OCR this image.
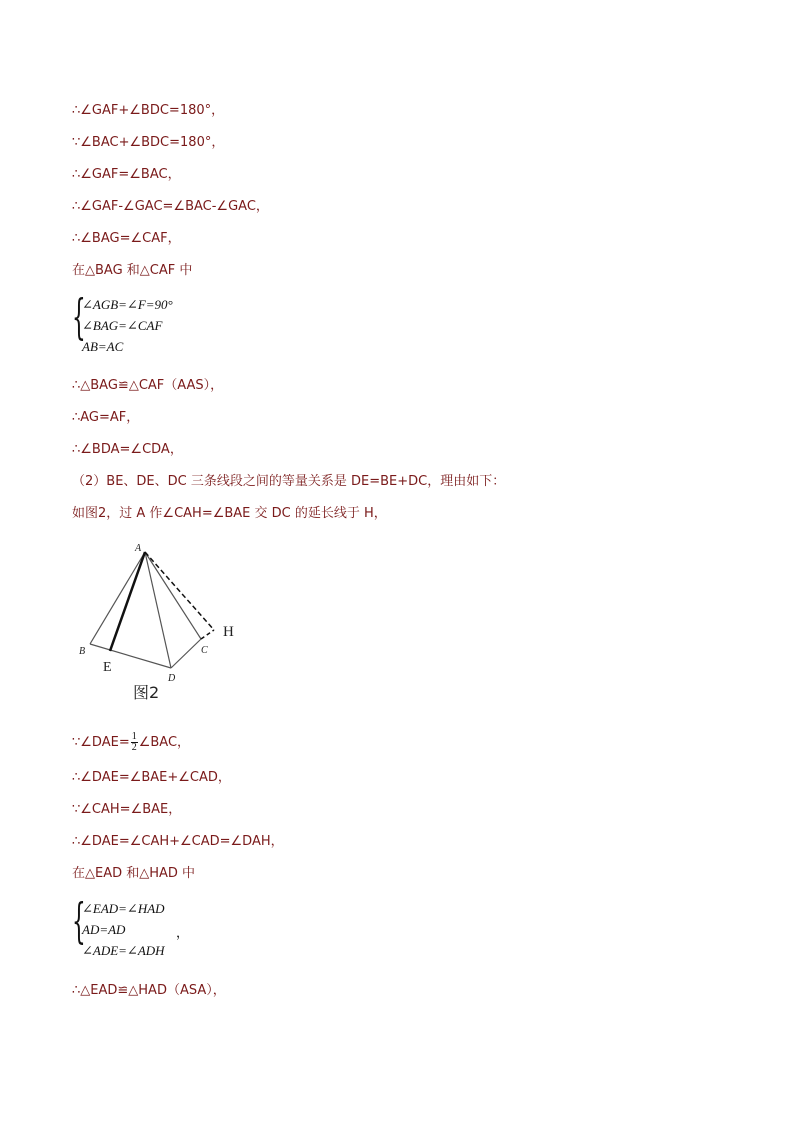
∴∠GAF+∠BDC=180°，
∵∠BAC+∠BDC=180°，
∴∠GAF=∠BAC，
∴∠GAF-∠GAC=∠BAC-∠GAC，
∴∠BAG=∠CAF，
在△BAG 和△CAF 中
{
∠AGB=∠F=90°
∠BAG=∠CAF
AB=AC
∴△BAG≌△CAF（AAS），
∴AG=AF，
∴∠BDA=∠CDA，
（2）BE、DE、DC 三条线段之间的等量关系是 DE=BE+DC，理由如下：
如图2，过 A 作∠CAH=∠BAE 交 DC 的延长线于 H，
A
B
E
D
C
H
图2
∵∠DAE= $\frac{1}{2}$ ∠BAC，
∴∠DAE=∠BAE+∠CAD，
∵∠CAH=∠BAE，
∴∠DAE=∠CAH+∠CAD=∠DAH，
在△EAD 和△HAD 中
{
∠EAD=∠HAD
AD=AD	，
∠ADE=∠ADH
∴△EAD≌△HAD（ASA），
